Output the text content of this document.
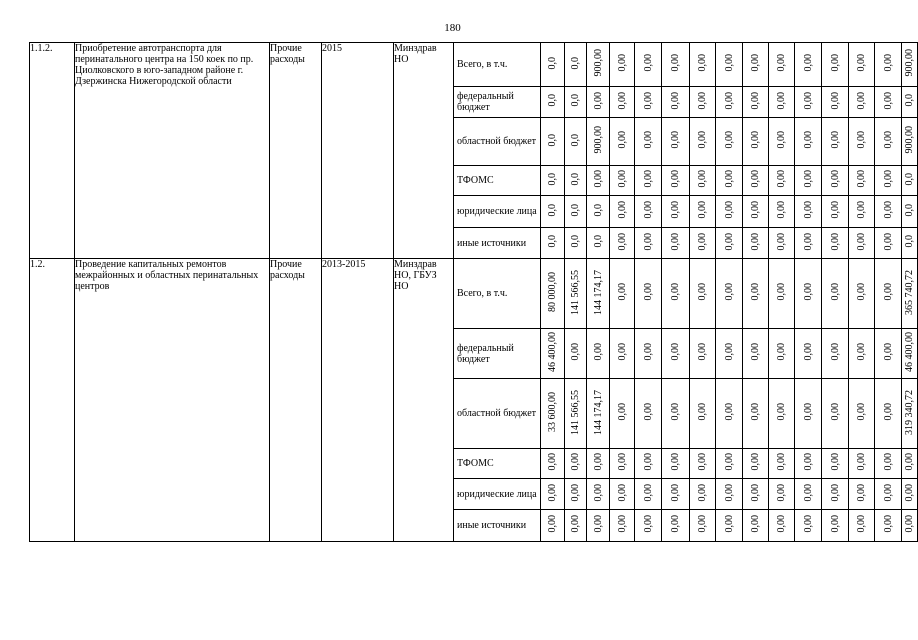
180
1.1.2.	Приобретение автотранспорта для перинатального центра на 150 коек по пр. Циолковского в юго-западном районе г. Дзержинска Нижегородской области	Прочие расходы	2015	Минздрав НО	Всего, в т.ч.	0,0	0,0	900,00	0,00	0,00	0,00	0,00	0,00	0,00	0,00	0,00	0,00	0,00	0,00	900,00	
					федеральный бюджет	0,0	0,0	0,00	0,00	0,00	0,00	0,00	0,00	0,00	0,00	0,00	0,00	0,00	0,00	0,0	
					областной бюджет	0,0	0,0	900,00	0,00	0,00	0,00	0,00	0,00	0,00	0,00	0,00	0,00	0,00	0,00	900,00	
					ТФОМС	0,0	0,0	0,00	0,00	0,00	0,00	0,00	0,00	0,00	0,00	0,00	0,00	0,00	0,00	0,0	
					юридические лица	0,0	0,0	0,0	0,00	0,00	0,00	0,00	0,00	0,00	0,00	0,00	0,00	0,00	0,00	0,0	
					иные источники	0,0	0,0	0,0	0,00	0,00	0,00	0,00	0,00	0,00	0,00	0,00	0,00	0,00	0,00	0,0	
1.2.	Проведение капитальных ремонтов межрайонных и областных перинатальных центров	Прочие расходы	2013-2015	Минздрав НО, ГБУЗ НО	Всего, в т.ч.	80 000,00	141 566,55	144 174,17	0,00	0,00	0,00	0,00	0,00	0,00	0,00	0,00	0,00	0,00	0,00	365 740,72	
					федеральный бюджет	46 400,00	0,00	0,00	0,00	0,00	0,00	0,00	0,00	0,00	0,00	0,00	0,00	0,00	0,00	46 400,00	
					областной бюджет	33 600,00	141 566,55	144 174,17	0,00	0,00	0,00	0,00	0,00	0,00	0,00	0,00	0,00	0,00	0,00	319 340,72	
					ТФОМС	0,00	0,00	0,00	0,00	0,00	0,00	0,00	0,00	0,00	0,00	0,00	0,00	0,00	0,00	0,00	
					юридические лица	0,00	0,00	0,00	0,00	0,00	0,00	0,00	0,00	0,00	0,00	0,00	0,00	0,00	0,00	0,00	
					иные источники	0,00	0,00	0,00	0,00	0,00	0,00	0,00	0,00	0,00	0,00	0,00	0,00	0,00	0,00	0,00	
